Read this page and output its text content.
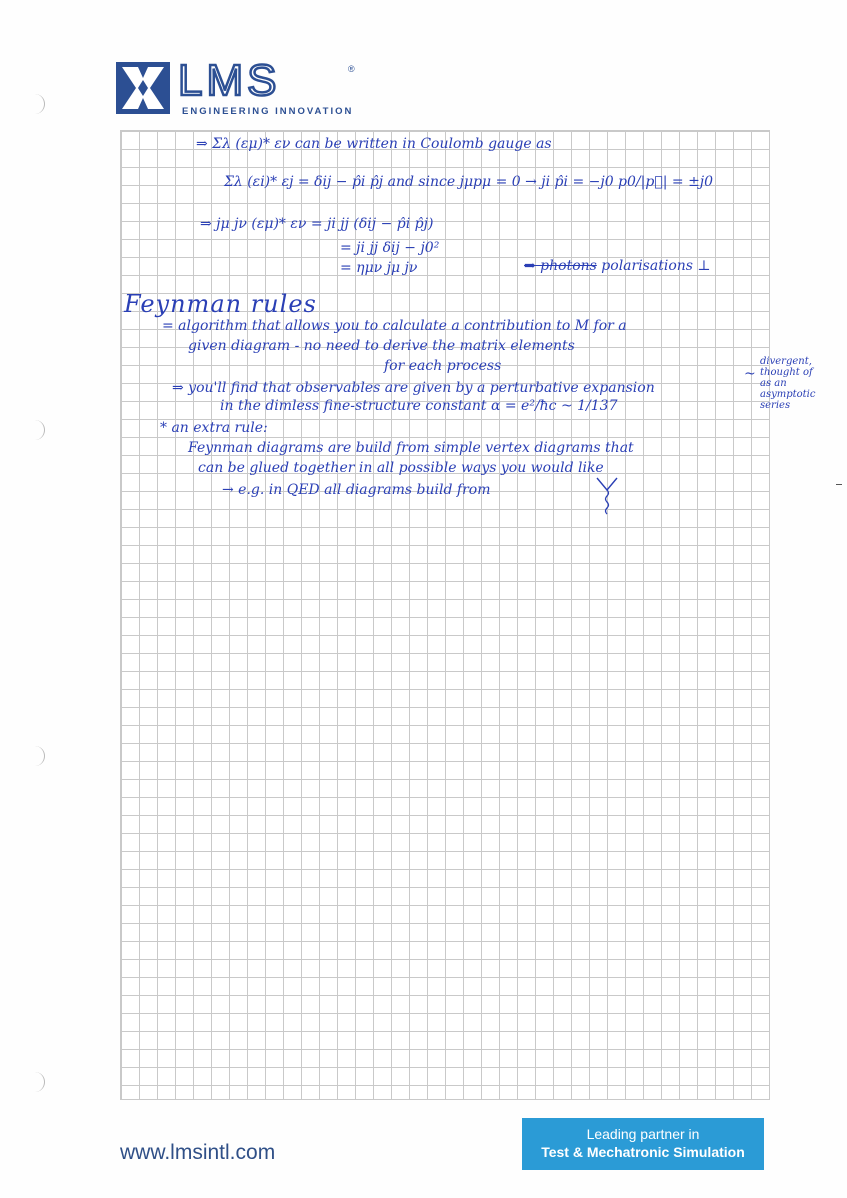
LMS	®
ENGINEERING INNOVATION
⇒ Σλ (εμ)* εν can be written in Coulomb gauge as
Σλ (εi)* εj = δij − p̂i p̂j and since jμpμ = 0 → ji p̂i = −j0 p0/|p⃗| = ±j0
⇒ jμ jν (εμ)* εν = ji jj (δij − p̂i p̂j)
= ji jj δij − j0²
= ημν jμ jν	⇒ photons polarisations ⊥
Feynman rules
= algorithm that allows you to calculate a contribution to M for a
given diagram - no need to derive the matrix elements
for each process
⇒ you'll find that observables are given by a perturbative expansion
in the dimless fine-structure constant α = e²/ħc ~ 1/137
* an extra rule:
Feynman diagrams are build from simple vertex diagrams that
can be glued together in all possible ways you would like
→ e.g. in QED all diagrams build from
~
divergent,
thought of
as an
asymptotic
series
www.lmsintl.com
Leading partner in
Test & Mechatronic Simulation
